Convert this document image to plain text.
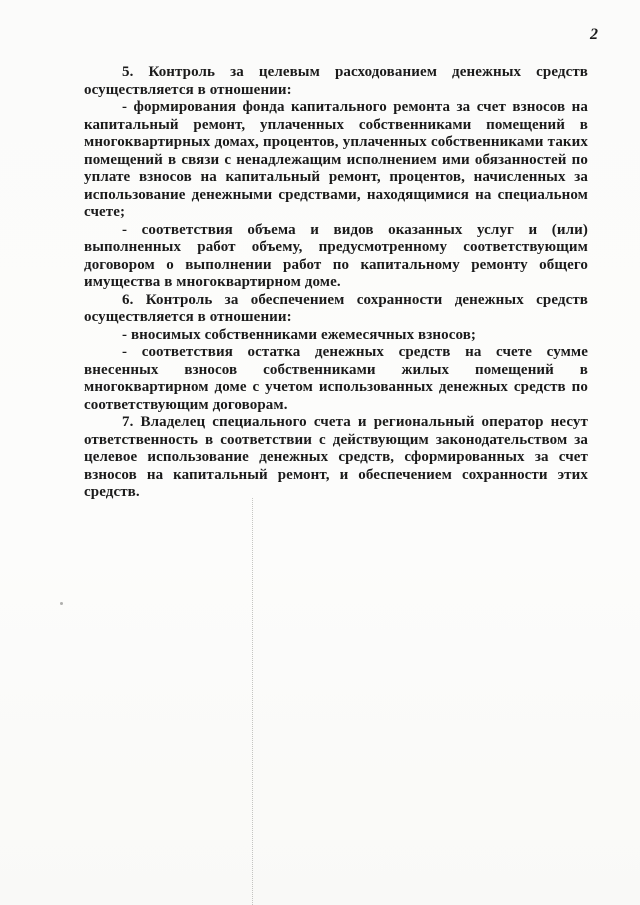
2

5. Контроль за целевым расходованием денежных средств осуществляется в отношении:

- формирования фонда капитального ремонта за счет взносов на капитальный ремонт, уплаченных собственниками помещений в многоквартирных домах, процентов, уплаченных собственниками таких помещений в связи с ненадлежащим исполнением ими обязанностей по уплате взносов на капитальный ремонт, процентов, начисленных за использование денежными средствами, находящимися на специальном счете;

- соответствия объема и видов оказанных услуг и (или) выполненных работ объему, предусмотренному соответствующим договором о выполнении работ по капитальному ремонту общего имущества в многоквартирном доме.

6. Контроль за обеспечением сохранности денежных средств осуществляется в отношении:

- вносимых собственниками ежемесячных взносов;

- соответствия остатка денежных средств на счете сумме внесенных взносов собственниками жилых помещений в многоквартирном доме с учетом использованных денежных средств по соответствующим договорам.

7. Владелец специального счета и региональный оператор несут ответственность в соответствии с действующим законодательством за целевое использование денежных средств, сформированных за счет взносов на капитальный ремонт, и обеспечением сохранности этих средств.
